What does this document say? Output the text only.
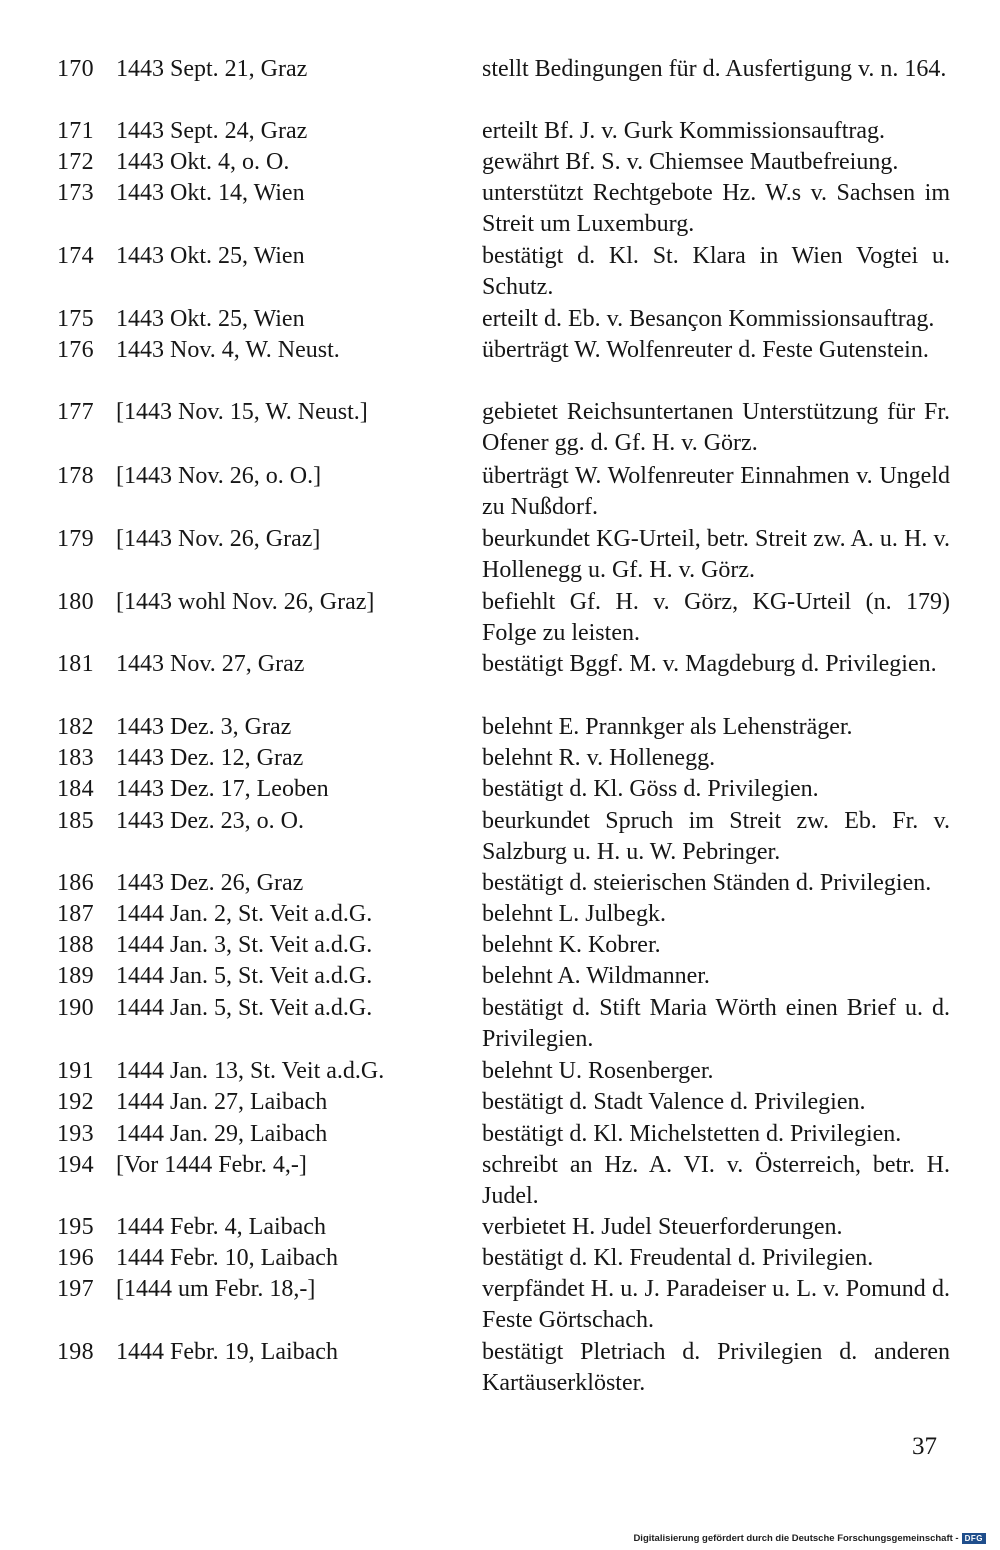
170 1443 Sept. 21, Graz	stellt Bedingungen für d. Ausfertigung v. n. 164.
171 1443 Sept. 24, Graz	erteilt Bf. J. v. Gurk Kommissionsauftrag.
172 1443 Okt. 4, o. O.	gewährt Bf. S. v. Chiemsee Mautbefreiung.
173 1443 Okt. 14, Wien	unterstützt Rechtgebote Hz. W.s v. Sachsen im Streit um Luxemburg.
174 1443 Okt. 25, Wien	bestätigt d. Kl. St. Klara in Wien Vogtei u. Schutz.
175 1443 Okt. 25, Wien	erteilt d. Eb. v. Besançon Kommissionsauftrag.
176 1443 Nov. 4, W. Neust.	überträgt W. Wolfenreuter d. Feste Gutenstein.
177 [1443 Nov. 15, W. Neust.]	gebietet Reichsuntertanen Unterstützung für Fr. Ofener gg. d. Gf. H. v. Görz.
178 [1443 Nov. 26, o. O.]	überträgt W. Wolfenreuter Einnahmen v. Ungeld zu Nußdorf.
179 [1443 Nov. 26, Graz]	beurkundet KG-Urteil, betr. Streit zw. A. u. H. v. Hollenegg u. Gf. H. v. Görz.
180 [1443 wohl Nov. 26, Graz]	befiehlt Gf. H. v. Görz, KG-Urteil (n. 179) Folge zu leisten.
181 1443 Nov. 27, Graz	bestätigt Bggf. M. v. Magdeburg d. Privilegien.
182 1443 Dez. 3, Graz	belehnt E. Prannkger als Lehensträger.
183 1443 Dez. 12, Graz	belehnt R. v. Hollenegg.
184 1443 Dez. 17, Leoben	bestätigt d. Kl. Göss d. Privilegien.
185 1443 Dez. 23, o. O.	beurkundet Spruch im Streit zw. Eb. Fr. v. Salzburg u. H. u. W. Pebringer.
186 1443 Dez. 26, Graz	bestätigt d. steierischen Ständen d. Privilegien.
187 1444 Jan. 2, St. Veit a.d.G.	belehnt L. Julbegk.
188 1444 Jan. 3, St. Veit a.d.G.	belehnt K. Kobrer.
189 1444 Jan. 5, St. Veit a.d.G.	belehnt A. Wildmanner.
190 1444 Jan. 5, St. Veit a.d.G.	bestätigt d. Stift Maria Wörth einen Brief u. d. Privilegien.
191 1444 Jan. 13, St. Veit a.d.G.	belehnt U. Rosenberger.
192 1444 Jan. 27, Laibach	bestätigt d. Stadt Valence d. Privilegien.
193 1444 Jan. 29, Laibach	bestätigt d. Kl. Michelstetten d. Privilegien.
194 [Vor 1444 Febr. 4,-]	schreibt an Hz. A. VI. v. Österreich, betr. H. Judel.
195 1444 Febr. 4, Laibach	verbietet H. Judel Steuerforderungen.
196 1444 Febr. 10, Laibach	bestätigt d. Kl. Freudental d. Privilegien.
197 [1444 um Febr. 18,-]	verpfändet H. u. J. Paradeiser u. L. v. Pomund d. Feste Görtschach.
198 1444 Febr. 19, Laibach	bestätigt Pletriach d. Privilegien d. anderen Kartäuserklöster.
37
Digitalisierung gefördert durch die Deutsche Forschungsgemeinschaft - DFG
